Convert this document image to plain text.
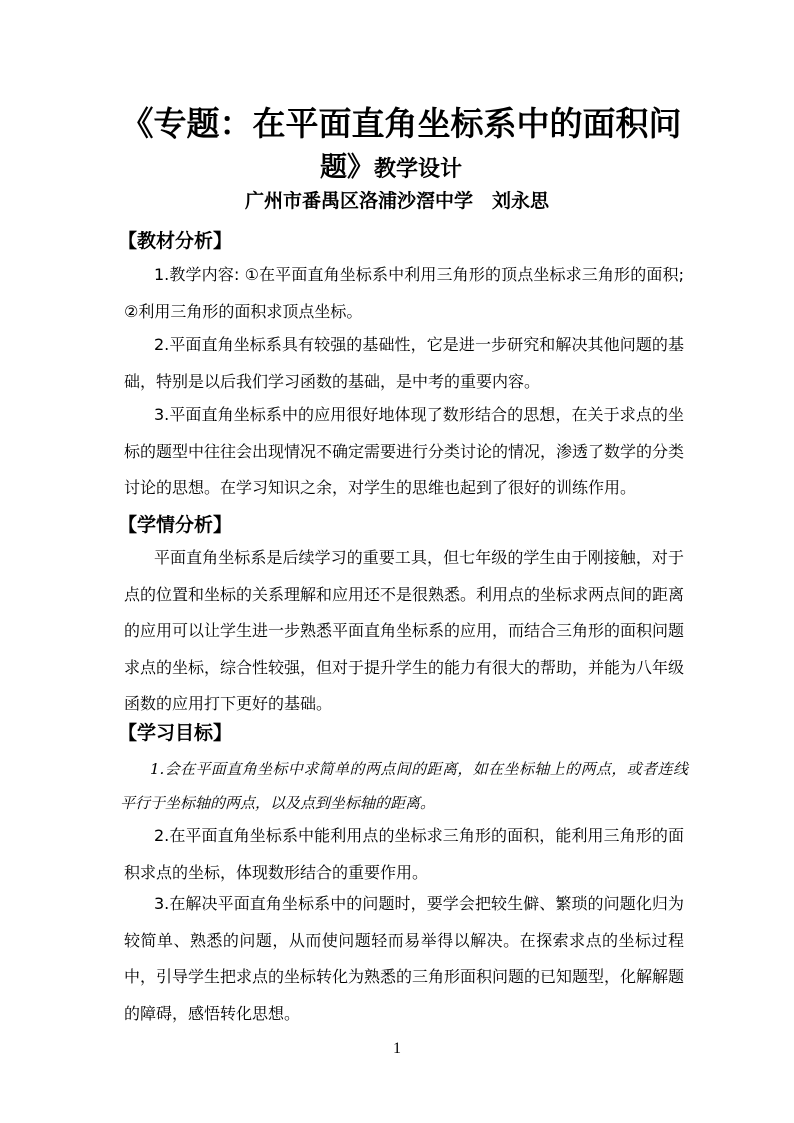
《专题：在平面直角坐标系中的面积问
题》教学设计
广州市番禺区洛浦沙滘中学　刘永思
【教材分析】
1.教学内容: ①在平面直角坐标系中利用三角形的顶点坐标求三角形的面积; ②利用三角形的面积求顶点坐标。
2.平面直角坐标系具有较强的基础性，它是进一步研究和解决其他问题的基础，特别是以后我们学习函数的基础，是中考的重要内容。
3.平面直角坐标系中的应用很好地体现了数形结合的思想，在关于求点的坐标的题型中往往会出现情况不确定需要进行分类讨论的情况，渗透了数学的分类讨论的思想。在学习知识之余，对学生的思维也起到了很好的训练作用。
【学情分析】
平面直角坐标系是后续学习的重要工具，但七年级的学生由于刚接触，对于点的位置和坐标的关系理解和应用还不是很熟悉。利用点的坐标求两点间的距离的应用可以让学生进一步熟悉平面直角坐标系的应用，而结合三角形的面积问题求点的坐标，综合性较强，但对于提升学生的能力有很大的帮助，并能为八年级函数的应用打下更好的基础。
【学习目标】
1.会在平面直角坐标中求简单的两点间的距离，如在坐标轴上的两点，或者连线平行于坐标轴的两点，以及点到坐标轴的距离。
2.在平面直角坐标系中能利用点的坐标求三角形的面积，能利用三角形的面积求点的坐标，体现数形结合的重要作用。
3.在解决平面直角坐标系中的问题时，要学会把较生僻、繁琐的问题化归为较简单、熟悉的问题，从而使问题轻而易举得以解决。在探索求点的坐标过程中，引导学生把求点的坐标转化为熟悉的三角形面积问题的已知题型，化解解题的障碍，感悟转化思想。
1
